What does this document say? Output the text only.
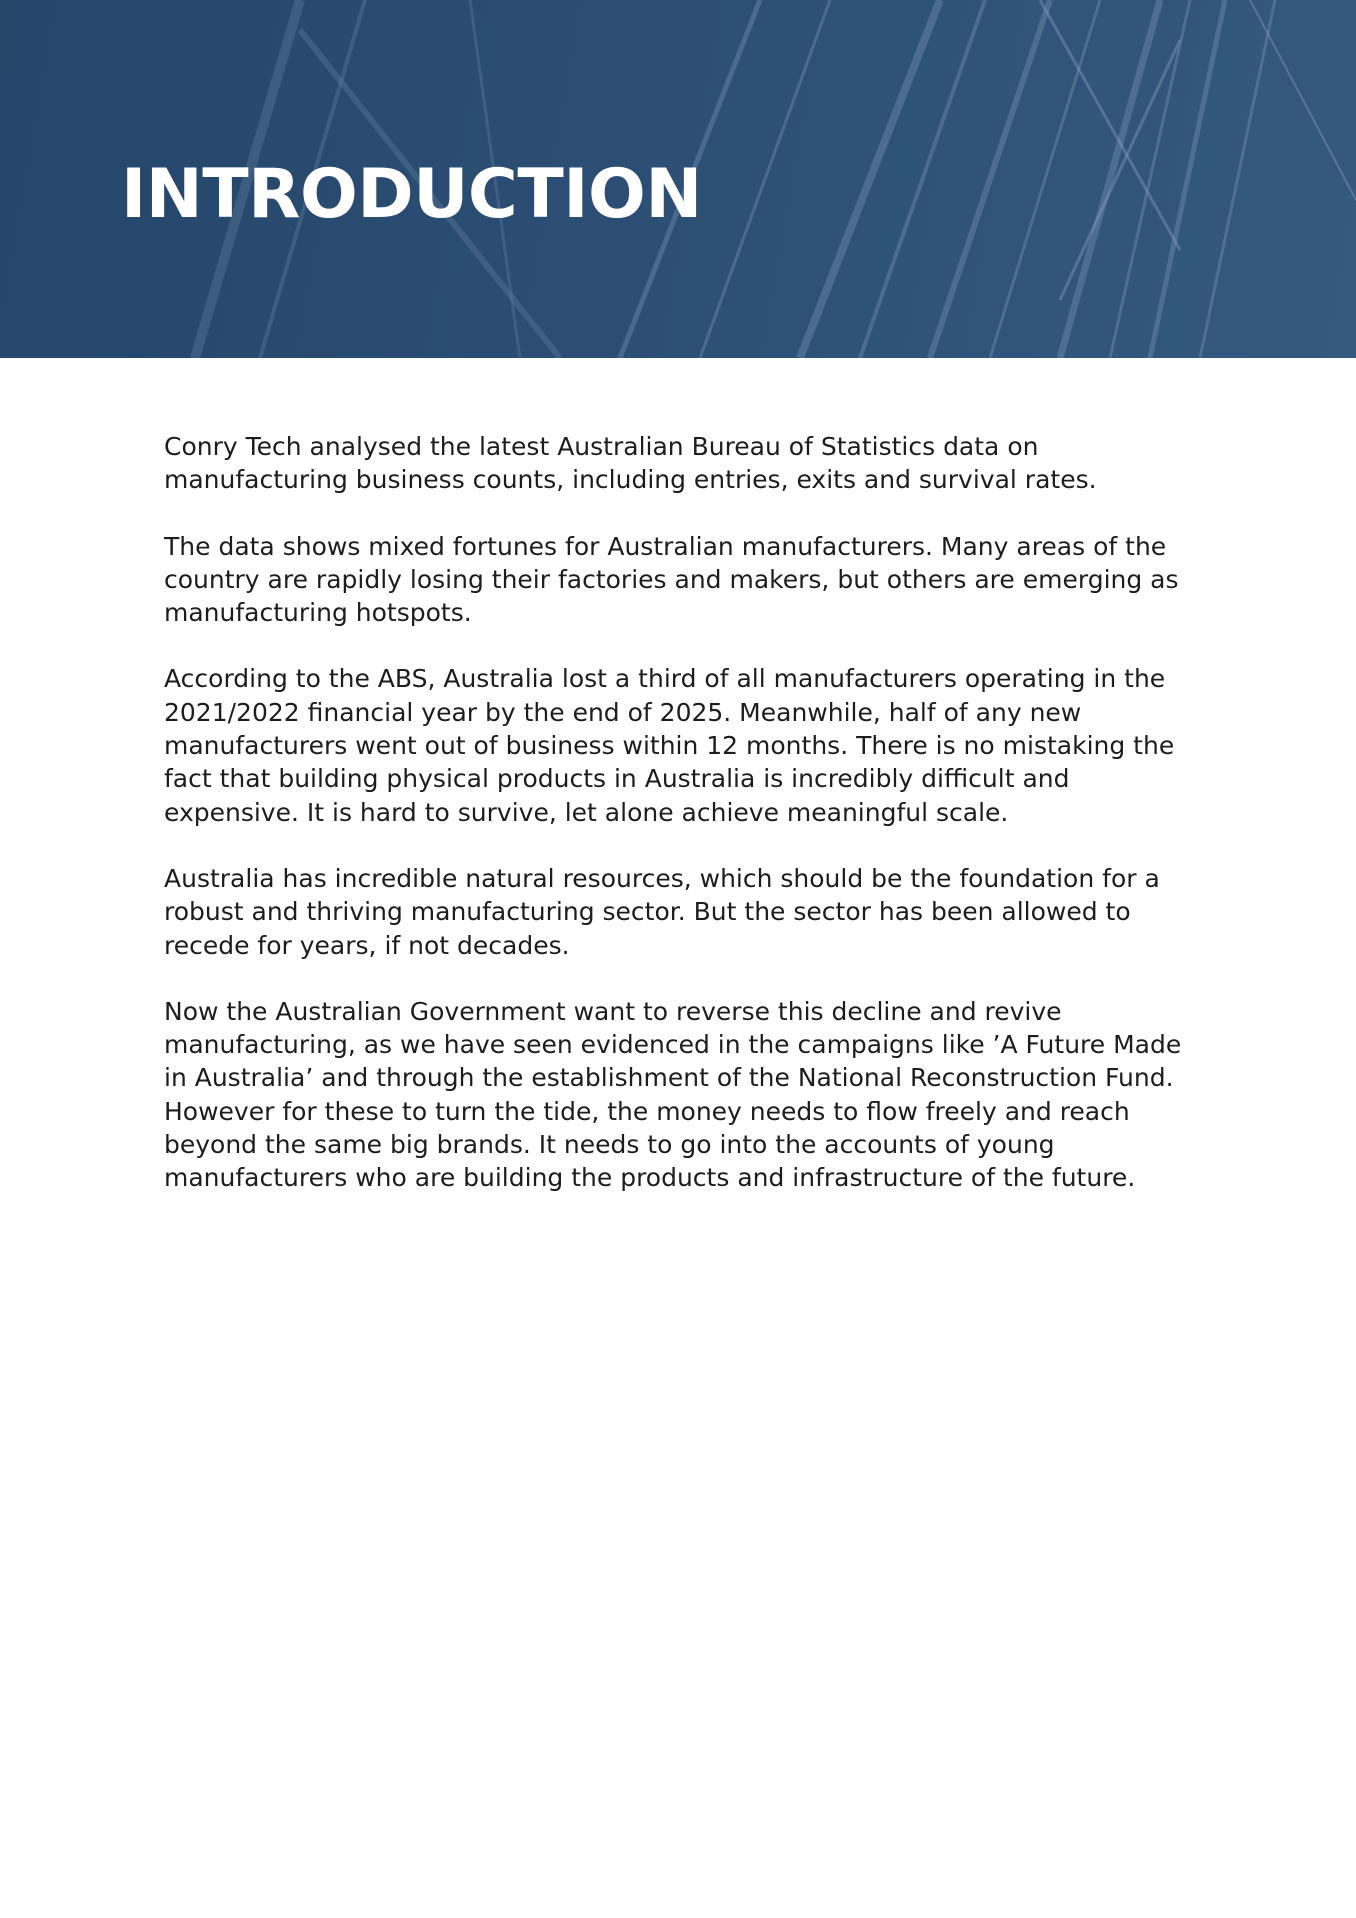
INTRODUCTION

Conry Tech analysed the latest Australian Bureau of Statistics data on manufacturing business counts, including entries, exits and survival rates.

The data shows mixed fortunes for Australian manufacturers. Many areas of the country are rapidly losing their factories and makers, but others are emerging as manufacturing hotspots.

According to the ABS, Australia lost a third of all manufacturers operating in the 2021/2022 financial year by the end of 2025. Meanwhile, half of any new manufacturers went out of business within 12 months. There is no mistaking the fact that building physical products in Australia is incredibly difficult and expensive. It is hard to survive, let alone achieve meaningful scale.

Australia has incredible natural resources, which should be the foundation for a robust and thriving manufacturing sector. But the sector has been allowed to recede for years, if not decades.

Now the Australian Government want to reverse this decline and revive manufacturing, as we have seen evidenced in the campaigns like ’A Future Made in Australia’ and through the establishment of the National Reconstruction Fund. However for these to turn the tide, the money needs to flow freely and reach beyond the same big brands. It needs to go into the accounts of young manufacturers who are building the products and infrastructure of the future.
